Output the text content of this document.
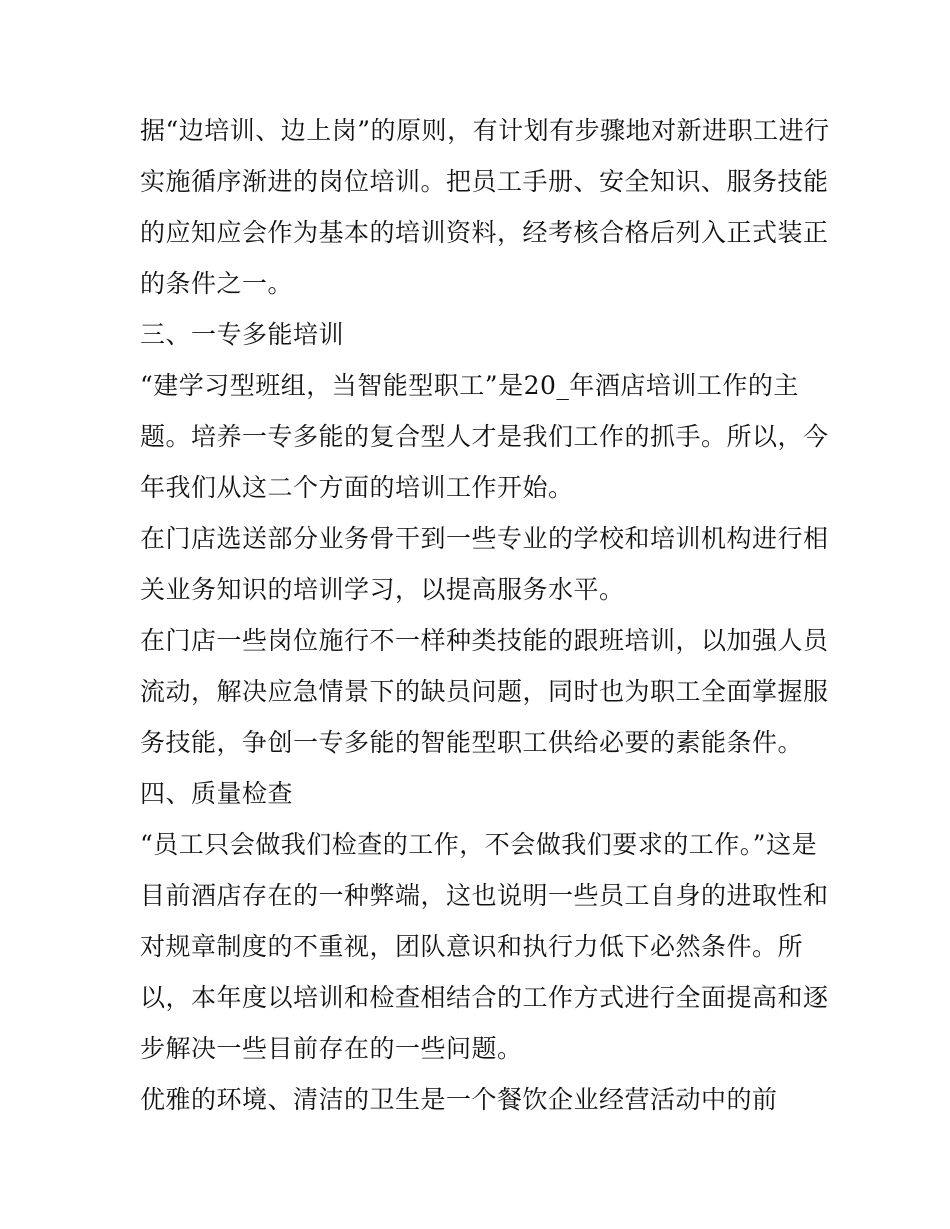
据“边培训、边上岗”的原则，有计划有步骤地对新进职工进行

实施循序渐进的岗位培训。把员工手册、安全知识、服务技能

的应知应会作为基本的培训资料，经考核合格后列入正式装正

的条件之一。

三、一专多能培训

“建学习型班组，当智能型职工”是20_年酒店培训工作的主

题。培养一专多能的复合型人才是我们工作的抓手。所以，今

年我们从这二个方面的培训工作开始。

在门店选送部分业务骨干到一些专业的学校和培训机构进行相

关业务知识的培训学习，以提高服务水平。

在门店一些岗位施行不一样种类技能的跟班培训，以加强人员

流动，解决应急情景下的缺员问题，同时也为职工全面掌握服

务技能，争创一专多能的智能型职工供给必要的素能条件。

四、质量检查

“员工只会做我们检查的工作，不会做我们要求的工作。”这是

目前酒店存在的一种弊端，这也说明一些员工自身的进取性和

对规章制度的不重视，团队意识和执行力低下必然条件。所

以，本年度以培训和检查相结合的工作方式进行全面提高和逐

步解决一些目前存在的一些问题。

优雅的环境、清洁的卫生是一个餐饮企业经营活动中的前
